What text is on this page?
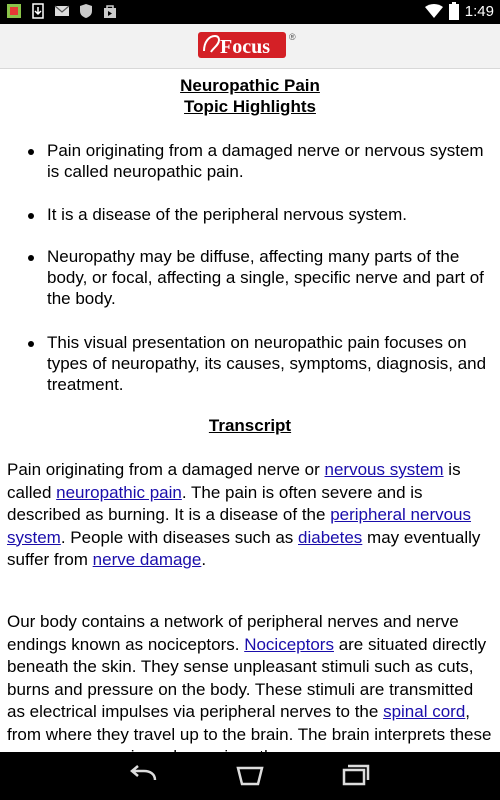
1:49
Focus ®
Neuropathic Pain
Topic Highlights
Pain originating from a damaged nerve or nervous system is called neuropathic pain.
It is a disease of the peripheral nervous system.
Neuropathy may be diffuse, affecting many parts of the body, or focal, affecting a single, specific nerve and part of the body.
This visual presentation on neuropathic pain focuses on types of neuropathy, its causes, symptoms, diagnosis, and treatment.
Transcript
Pain originating from a damaged nerve or nervous system is called neuropathic pain. The pain is often severe and is described as burning. It is a disease of the peripheral nervous system. People with diseases such as diabetes may eventually suffer from nerve damage.
Our body contains a network of peripheral nerves and nerve endings known as nociceptors. Nociceptors are situated directly beneath the skin. They sense unpleasant stimuli such as cuts, burns and pressure on the body. These stimuli are transmitted as electrical impulses via peripheral nerves to the spinal cord, from where they travel up to the brain. The brain interprets these
